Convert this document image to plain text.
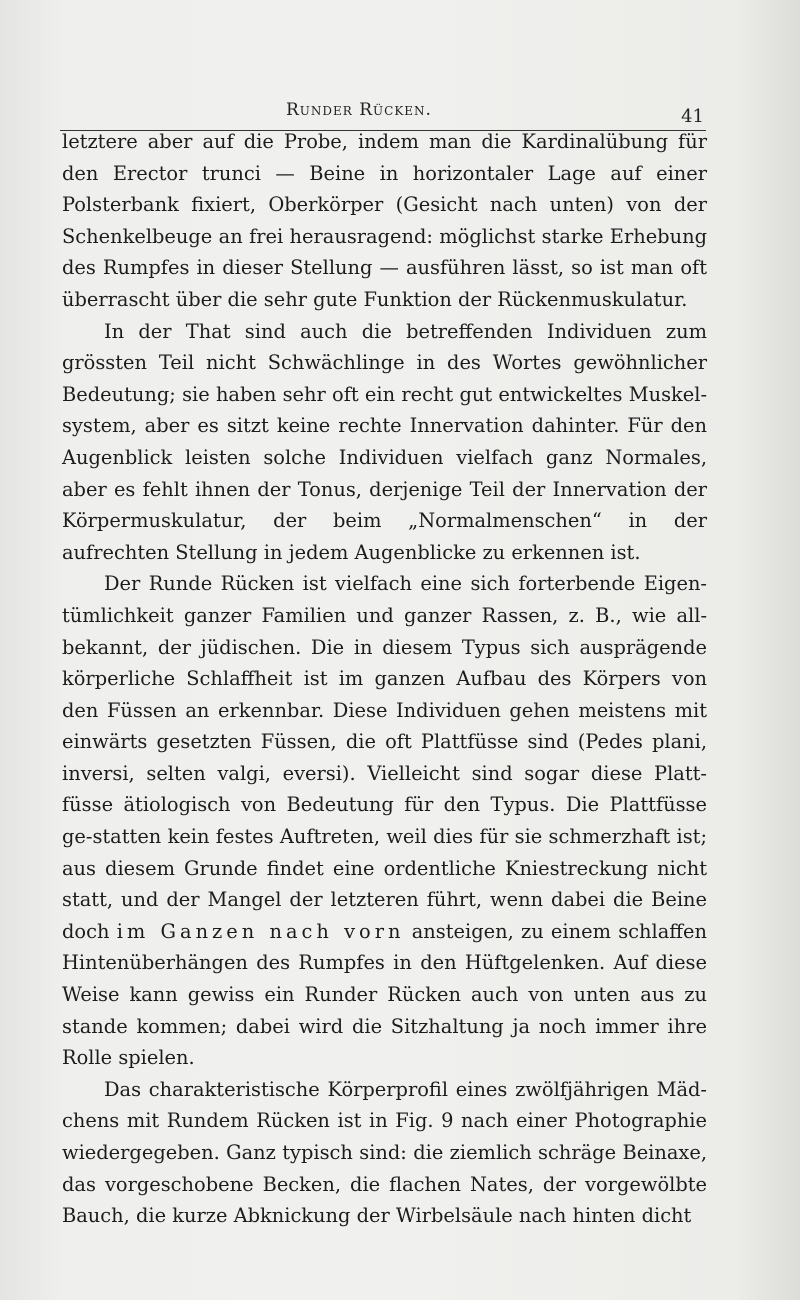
Runder Rücken.	41

letztere aber auf die Probe, indem man die Kardinalübung für den Erector trunci — Beine in horizontaler Lage auf einer Polsterbank fixiert, Oberkörper (Gesicht nach unten) von der Schenkelbeuge an frei herausragend: möglichst starke Erhebung des Rumpfes in dieser Stellung — ausführen lässt, so ist man oft überrascht über die sehr gute Funktion der Rückenmuskulatur.

In der That sind auch die betreffenden Individuen zum grössten Teil nicht Schwächlinge in des Wortes gewöhnlicher Bedeutung; sie haben sehr oft ein recht gut entwickeltes Muskel-system, aber es sitzt keine rechte Innervation dahinter. Für den Augenblick leisten solche Individuen vielfach ganz Normales, aber es fehlt ihnen der Tonus, derjenige Teil der Innervation der Körpermuskulatur, der beim „Normalmenschen“ in der aufrechten Stellung in jedem Augenblicke zu erkennen ist.

Der Runde Rücken ist vielfach eine sich forterbende Eigen-tümlichkeit ganzer Familien und ganzer Rassen, z. B., wie all-bekannt, der jüdischen. Die in diesem Typus sich ausprägende körperliche Schlaffheit ist im ganzen Aufbau des Körpers von den Füssen an erkennbar. Diese Individuen gehen meistens mit einwärts gesetzten Füssen, die oft Plattfüsse sind (Pedes plani, inversi, selten valgi, eversi). Vielleicht sind sogar diese Platt-füsse ätiologisch von Bedeutung für den Typus. Die Plattfüsse ge-statten kein festes Auftreten, weil dies für sie schmerzhaft ist; aus diesem Grunde findet eine ordentliche Kniestreckung nicht statt, und der Mangel der letzteren führt, wenn dabei die Beine doch im Ganzen nach vorn ansteigen, zu einem schlaffen Hintenüberhängen des Rumpfes in den Hüftgelenken. Auf diese Weise kann gewiss ein Runder Rücken auch von unten aus zu stande kommen; dabei wird die Sitzhaltung ja noch immer ihre Rolle spielen.

Das charakteristische Körperprofil eines zwölfjährigen Mäd-chens mit Rundem Rücken ist in Fig. 9 nach einer Photographie wiedergegeben. Ganz typisch sind: die ziemlich schräge Beinaxe, das vorgeschobene Becken, die flachen Nates, der vorgewölbte Bauch, die kurze Abknickung der Wirbelsäule nach hinten dicht
